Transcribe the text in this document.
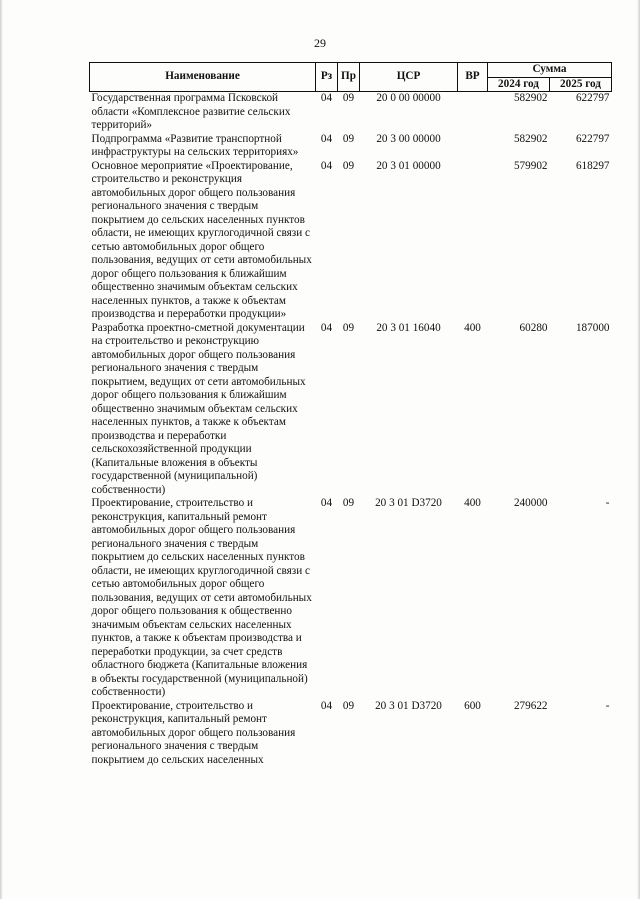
29
Наименование	Рз	Пр	ЦСР	ВР	Сумма	
					2024 год	2025 год
Государственная программа Псковской области «Комплексное развитие сельских территорий»	04	09	20 0 00 00000		582902	622797
Подпрограмма «Развитие транспортной инфраструктуры на сельских территориях»	04	09	20 3 00 00000		582902	622797
Основное мероприятие «Проектирование, строительство и реконструкция автомобильных дорог общего пользования регионального значения с твердым покрытием до сельских населенных пунктов области, не имеющих круглогодичной связи с сетью автомобильных дорог общего пользования, ведущих от сети автомобильных дорог общего пользования к ближайшим общественно значимым объектам сельских населенных пунктов, а также к объектам производства и переработки продукции»	04	09	20 3 01 00000		579902	618297
Разработка проектно-сметной документации на строительство и реконструкцию автомобильных дорог общего пользования регионального значения с твердым покрытием, ведущих от сети автомобильных дорог общего пользования к ближайшим общественно значимым объектам сельских населенных пунктов, а также к объектам производства и переработки сельскохозяйственной продукции (Капитальные вложения в объекты государственной (муниципальной) собственности)	04	09	20 3 01 16040	400	60280	187000
Проектирование, строительство и реконструкция, капитальный ремонт автомобильных дорог общего пользования регионального значения с твердым покрытием до сельских населенных пунктов области, не имеющих круглогодичной связи с сетью автомобильных дорог общего пользования, ведущих от сети автомобильных дорог общего пользования к общественно значимым объектам сельских населенных пунктов, а также к объектам производства и переработки продукции, за счет средств областного бюджета (Капитальные вложения в объекты государственной (муниципальной) собственности)	04	09	20 3 01 D3720	400	240000	-
Проектирование, строительство и реконструкция, капитальный ремонт автомобильных дорог общего пользования регионального значения с твердым покрытием до сельских населенных	04	09	20 3 01 D3720	600	279622	-
